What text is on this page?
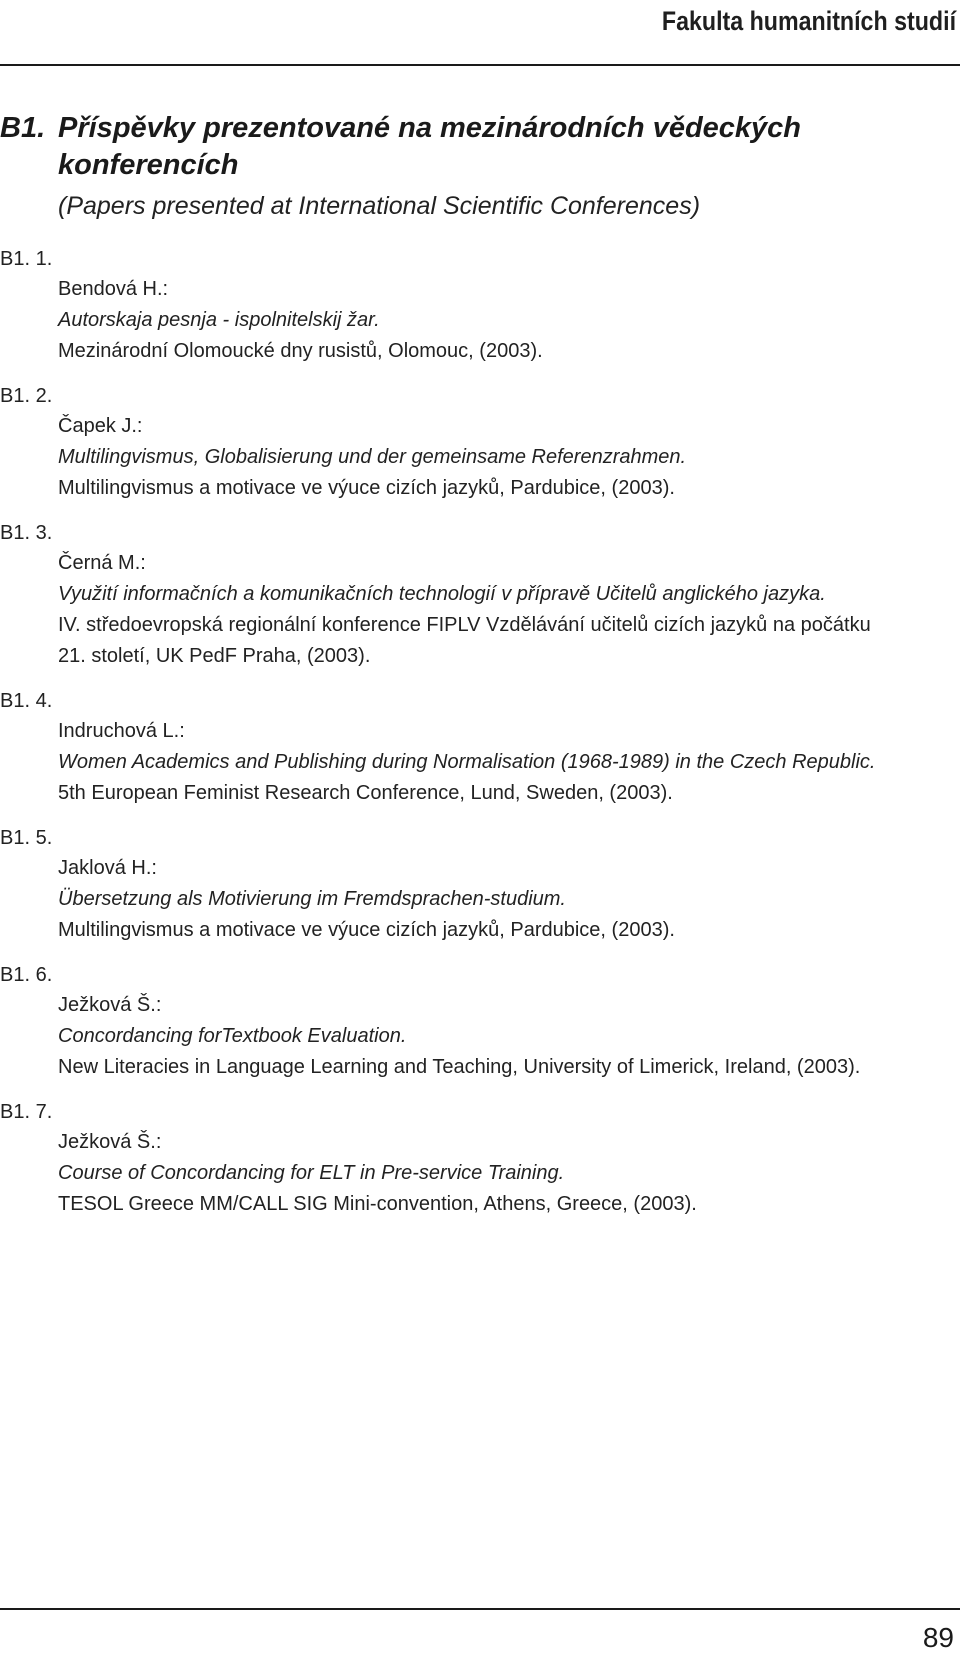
Fakulta humanitních studií
B1. Příspěvky prezentované na mezinárodních vědeckých konferencích
(Papers presented at International Scientific Conferences)
B1. 1.
Bendová H.:
Autorskaja pesnja - ispolnitelskij žar.
Mezinárodní Olomoucké dny rusistů, Olomouc, (2003).
B1. 2.
Čapek J.:
Multilingvismus, Globalisierung und der gemeinsame Referenzrahmen.
Multilingvismus a motivace ve výuce cizích jazyků, Pardubice, (2003).
B1. 3.
Černá M.:
Využití informačních a komunikačních technologií v přípravě Učitelů anglického jazyka.
IV. středoevropská regionální konference FIPLV Vzdělávání učitelů cizích jazyků na počátku 21. století, UK PedF Praha, (2003).
B1. 4.
Indruchová L.:
Women Academics and Publishing during Normalisation (1968-1989) in the Czech Republic.
5th European Feminist Research Conference, Lund, Sweden, (2003).
B1. 5.
Jaklová H.:
Übersetzung als Motivierung im Fremdsprachen-studium.
Multilingvismus a motivace ve výuce cizích jazyků, Pardubice, (2003).
B1. 6.
Ježková Š.:
Concordancing forTextbook Evaluation.
New Literacies in Language Learning and Teaching, University of Limerick, Ireland, (2003).
B1. 7.
Ježková Š.:
Course of Concordancing for ELT in Pre-service Training.
TESOL Greece MM/CALL SIG Mini-convention, Athens, Greece, (2003).
89
